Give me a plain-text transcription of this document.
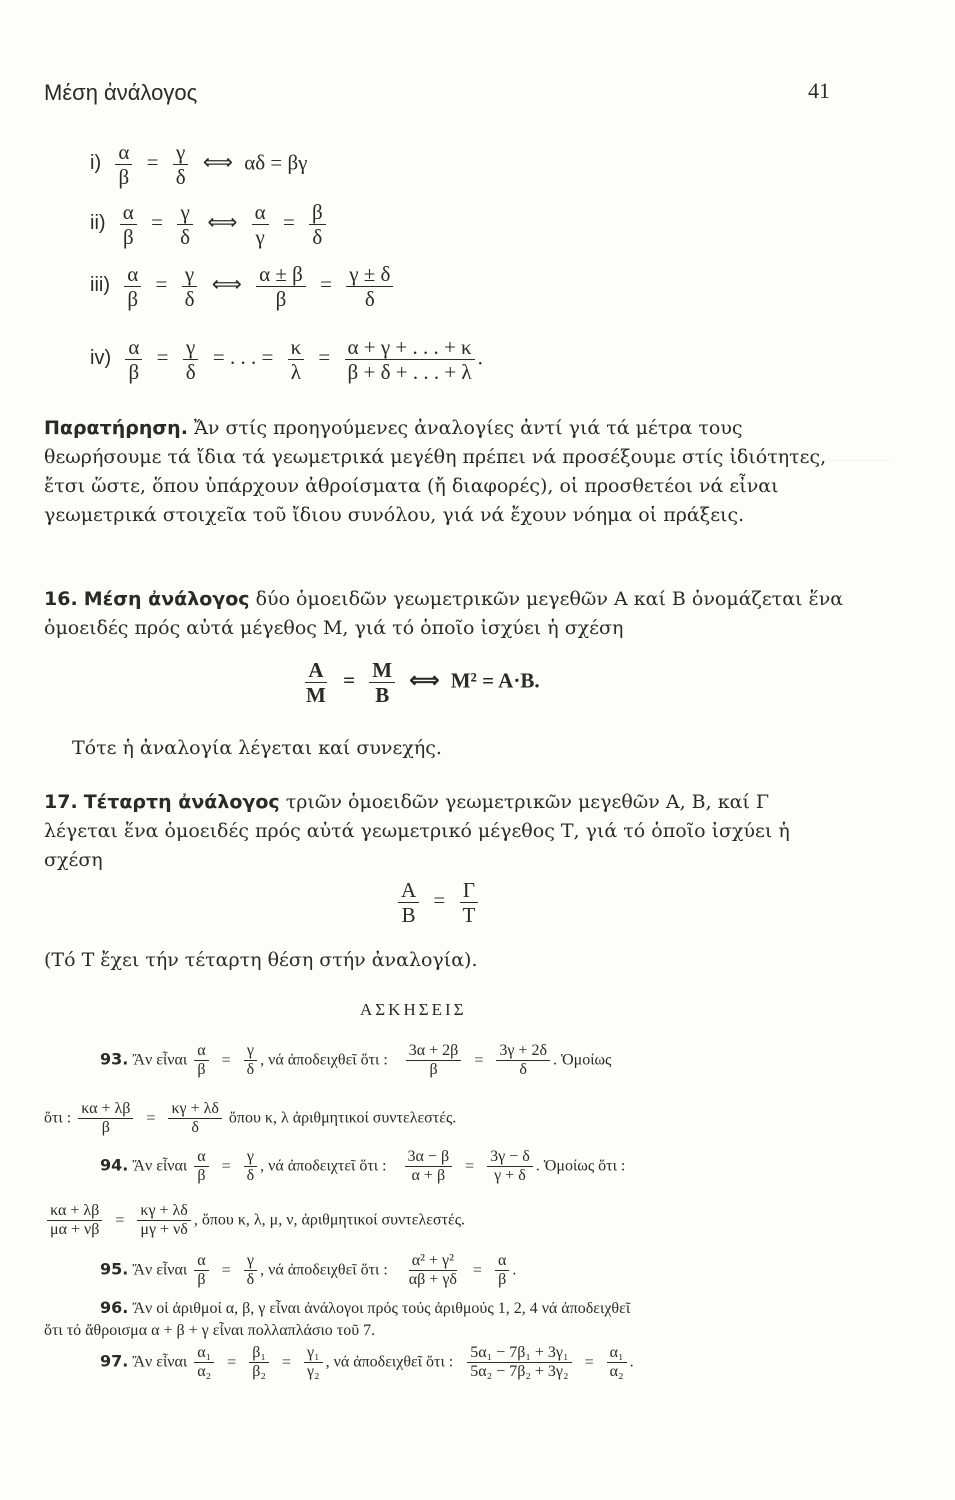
Μέση ἀνάλογος	41
$i) \frac{\alpha}{\beta} = \frac{\gamma}{\delta}$ ⟺ αδ = βγ
$ii) \frac{\alpha}{\beta} = \frac{\gamma}{\delta}$ ⟺ $\frac{\alpha}{\gamma} = \frac{\beta}{\delta}$
$iii) \frac{\alpha}{\beta} = \frac{\gamma}{\delta}$ ⟺ $\frac{\alpha \pm \beta}{\beta} = \frac{\gamma \pm \delta}{\delta}$
$iv) \frac{\alpha}{\beta} = \frac{\gamma}{\delta}$ = . . . = $\frac{\kappa}{\lambda} = \frac{\alpha + \gamma + . . . + \kappa}{\beta + \delta + . . . + \lambda}$ .
Παρατήρηση. Ἄν στίς προηγούμενες ἀναλογίες ἀντί γιά τά μέτρα τους θεωρήσουμε τά ἴδια τά γεωμετρικά μεγέθη πρέπει νά προσέξουμε στίς ἰδιότητες, ἔτσι ὥστε, ὅπου ὑπάρχουν ἀθροίσματα (ἤ διαφορές), οἱ προσθετέοι νά εἶναι γεωμετρικά στοιχεῖα τοῦ ἴδιου συνόλου, γιά νά ἔχουν νόημα οἱ πράξεις.
16. Μέση ἀνάλογος δύο ὁμοειδῶν γεωμετρικῶν μεγεθῶν Α καί Β ὀνομάζεται ἕνα ὁμοειδές πρός αὐτά μέγεθος Μ, γιά τό ὁποῖο ἰσχύει ἡ σχέση
$\frac{A}{M} = \frac{M}{B}$ ⟺ M² = A·B.
Τότε ἡ ἀναλογία λέγεται καί συνεχής.
17. Τέταρτη ἀνάλογος τριῶν ὁμοειδῶν γεωμετρικῶν μεγεθῶν Α, Β, καί Γ λέγεται ἕνα ὁμοειδές πρός αὐτά γεωμετρικό μέγεθος Τ, γιά τό ὁποῖο ἰσχύει ἡ σχέση
$\frac{A}{B} = \frac{\Gamma}{T}$
(Τό Τ ἔχει τήν τέταρτη θέση στήν ἀναλογία).
ΑΣΚΗΣΕΙΣ
93. Ἄν εἶναι $\frac{\alpha}{\beta} = \frac{\gamma}{\delta}$ , νά ἀποδειχθεῖ ὅτι : $\frac{3\alpha + 2\beta}{\beta} = \frac{3\gamma + 2\delta}{\delta}$ . Ὁμοίως
ὅτι : $\frac{\kappa\alpha + \lambda\beta}{\beta} = \frac{\kappa\gamma + \lambda\delta}{\delta}$ ὅπου κ, λ ἀριθμητικοί συντελεστές.
94. Ἄν εἶναι $\frac{\alpha}{\beta} = \frac{\gamma}{\delta}$ , νά ἀποδειχτεῖ ὅτι : $\frac{3\alpha - \beta}{\alpha + \beta} = \frac{3\gamma - \delta}{\gamma + \delta}$ . Ὁμοίως ὅτι :
$\frac{\kappa\alpha + \lambda\beta}{\mu\alpha + \nu\beta} = \frac{\kappa\gamma + \lambda\delta}{\mu\gamma + \nu\delta}$ , ὅπου κ, λ, μ, ν, ἀριθμητικοί συντελεστές.
95. Ἄν εἶναι $\frac{\alpha}{\beta} = \frac{\gamma}{\delta}$ , νά ἀποδειχθεῖ ὅτι : $\frac{\text{α² + γ²}}{\alpha\beta + \gamma\delta} = \frac{\alpha}{\beta}$ .
96. Ἄν οἱ ἀριθμοί α, β, γ εἶναι ἀνάλογοι πρός τούς ἀριθμούς 1, 2, 4 νά ἀποδειχθεῖ
ὅτι τό ἄθροισμα α + β + γ εἶναι πολλαπλάσιο τοῦ 7.
97. Ἄν εἶναι $\frac{\text{α₁}}{\text{α₂}} = \frac{\text{β₁}}{\text{β₂}} = \frac{\text{γ₁}}{\text{γ₂}}$ , νά ἀποδειχθεῖ ὅτι : $\frac{\text{5α₁ − 7β₁ + 3γ₁}}{\text{5α₂ − 7β₂ + 3γ₂}} = \frac{\text{α₁}}{\text{α₂}}$ .
